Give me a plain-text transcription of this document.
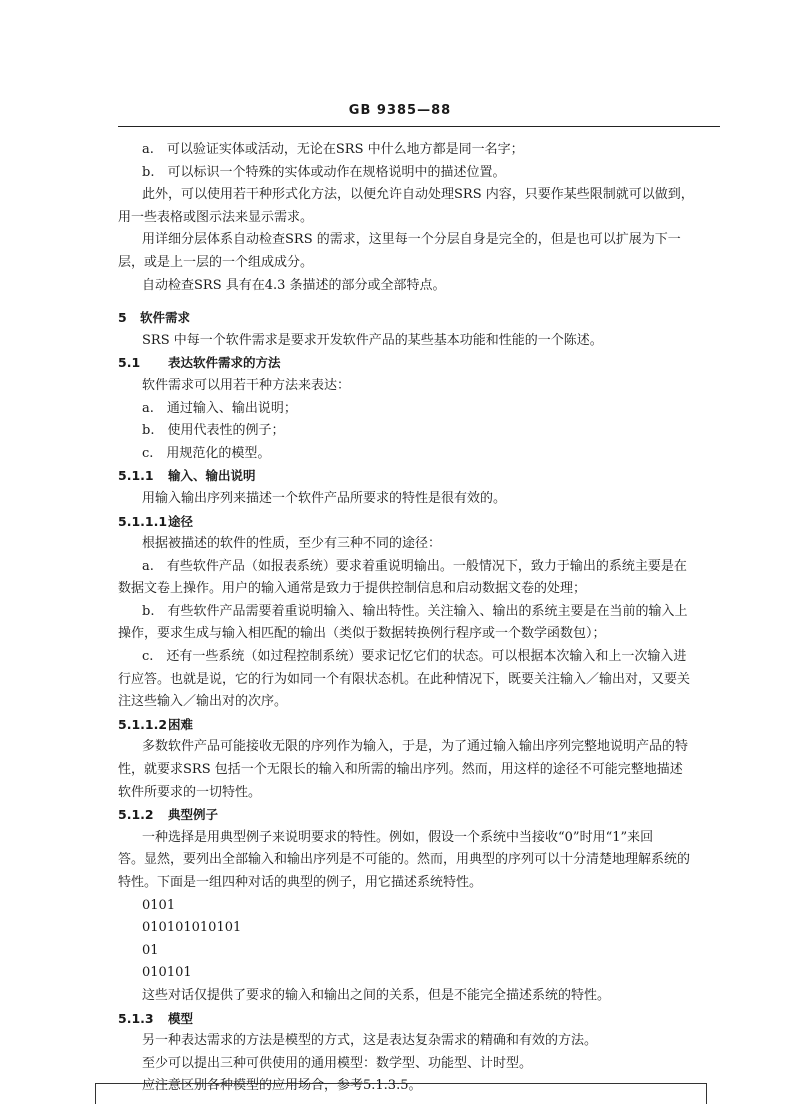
GB 9385—88

a.　可以验证实体或活动，无论在SRS 中什么地方都是同一名字；

b.　可以标识一个特殊的实体或动作在规格说明中的描述位置。

此外，可以使用若干种形式化方法，以便允许自动处理SRS 内容，只要作某些限制就可以做到，

用一些表格或图示法来显示需求。

用详细分层体系自动检查SRS 的需求，这里每一个分层自身是完全的，但是也可以扩展为下一

层，或是上一层的一个组成成分。

自动检查SRS 具有在4.3 条描述的部分或全部特点。

5 软件需求

SRS 中每一个软件需求是要求开发软件产品的某些基本功能和性能的一个陈述。

5.1 表达软件需求的方法

软件需求可以用若干种方法来表达：

a.　通过输入、输出说明；

b.　使用代表性的例子；

c.　用规范化的模型。

5.1.1 输入、输出说明

用输入输出序列来描述一个软件产品所要求的特性是很有效的。

5.1.1.1途径

根据被描述的软件的性质，至少有三种不同的途径：

a.　有些软件产品（如报表系统）要求着重说明输出。一般情况下，致力于输出的系统主要是在

数据文卷上操作。用户的输入通常是致力于提供控制信息和启动数据文卷的处理；

b.　有些软件产品需要着重说明输入、输出特性。关注输入、输出的系统主要是在当前的输入上

操作，要求生成与输入相匹配的输出（类似于数据转换例行程序或一个数学函数包）；

c.　还有一些系统（如过程控制系统）要求记忆它们的状态。可以根据本次输入和上一次输入进

行应答。也就是说，它的行为如同一个有限状态机。在此种情况下，既要关注输入／输出对，又要关

注这些输入／输出对的次序。

5.1.1.2困难

多数软件产品可能接收无限的序列作为输入，于是，为了通过输入输出序列完整地说明产品的特

性，就要求SRS 包括一个无限长的输入和所需的输出序列。然而，用这样的途径不可能完整地描述

软件所要求的一切特性。

5.1.2 典型例子

一种选择是用典型例子来说明要求的特性。例如，假设一个系统中当接收“0”时用“1”来回

答。显然，要列出全部输入和输出序列是不可能的。然而，用典型的序列可以十分清楚地理解系统的

特性。下面是一组四种对话的典型的例子，用它描述系统特性。

0101

010101010101

01

010101

这些对话仅提供了要求的输入和输出之间的关系，但是不能完全描述系统的特性。

5.1.3 模型

另一种表达需求的方法是模型的方式，这是表达复杂需求的精确和有效的方法。

至少可以提出三种可供使用的通用模型：数学型、功能型、计时型。

应注意区别各种模型的应用场合，参考5.1.3.5。
